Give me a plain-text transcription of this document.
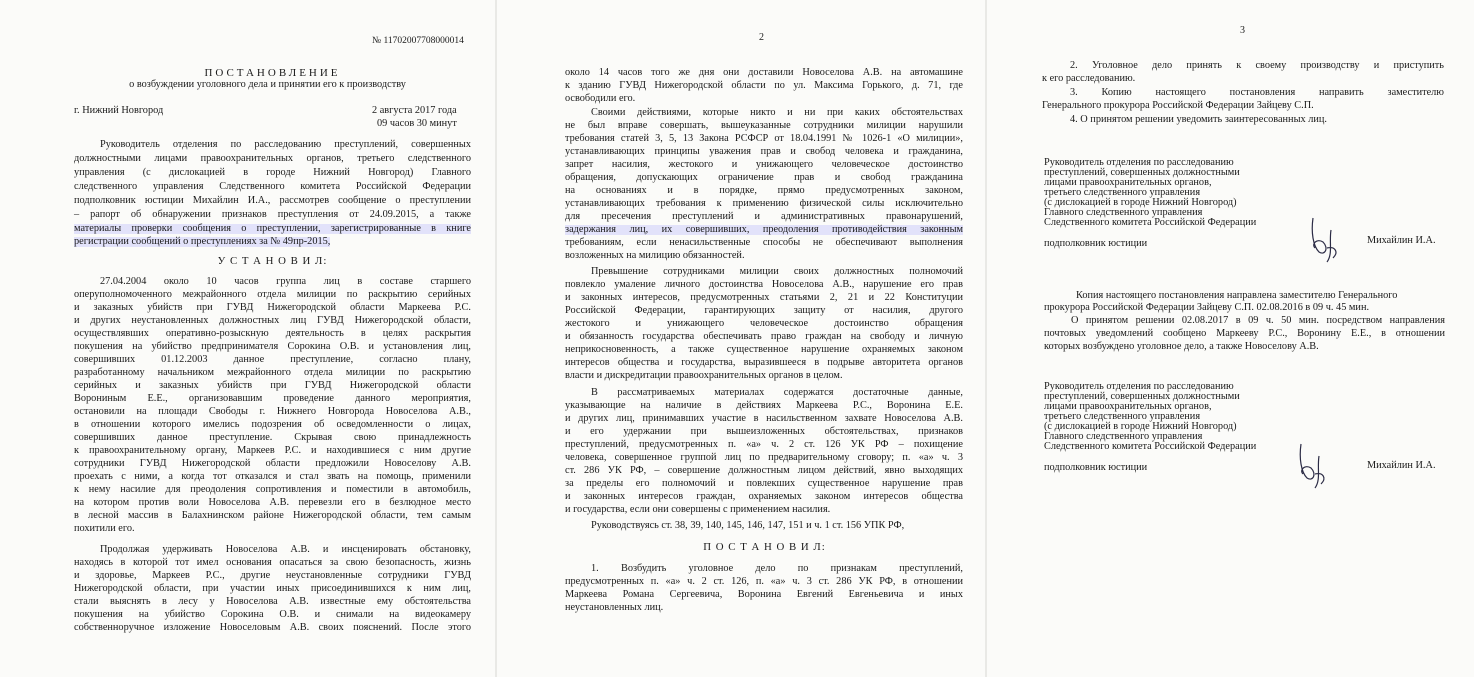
№ 11702007708000014
ПОСТАНОВЛЕНИЕ
о возбуждении уголовного дела и принятии его к производству
г. Нижний Новгород	2 августа 2017 года
09 часов 30 минут
Руководитель отделения по расследованию преступлений, совершенных
должностными лицами правоохранительных органов, третьего следственного
управления (с дислокацией в городе Нижний Новгород) Главного
следственного управления Следственного комитета Российской Федерации
подполковник юстиции Михайлин И.А., рассмотрев сообщение о преступлении
– рапорт об обнаружении признаков преступления от 24.09.2015, а также
материалы проверки сообщения о преступлении, зарегистрированные в книге
регистрации сообщений о преступлениях за № 49пр-2015,
У С Т А Н О В И Л:
27.04.2004 около 10 часов группа лиц в составе старшего
оперуполномоченного межрайонного отдела милиции по раскрытию серийных
и заказных убийств при ГУВД Нижегородской области Маркеева Р.С.
и других неустановленных должностных лиц ГУВД Нижегородской области,
осуществлявших оперативно-розыскную деятельность в целях раскрытия
покушения на убийство предпринимателя Сорокина О.В. и установления лиц,
совершивших 01.12.2003 данное преступление, согласно плану,
разработанному начальником межрайонного отдела милиции по раскрытию
серийных и заказных убийств при ГУВД Нижегородской области
Ворониным Е.Е., организовавшим проведение данного мероприятия,
остановили на площади Свободы г. Нижнего Новгорода Новоселова А.В.,
в отношении которого имелись подозрения об осведомленности о лицах,
совершивших данное преступление. Скрывая свою принадлежность
к правоохранительному органу, Маркеев Р.С. и находившиеся с ним другие
сотрудники ГУВД Нижегородской области предложили Новоселову А.В.
проехать с ними, а когда тот отказался и стал звать на помощь, применили
к нему насилие для преодоления сопротивления и поместили в автомобиль,
на котором против воли Новоселова А.В. перевезли его в безлюдное место
в лесной массив в Балахнинском районе Нижегородской области, тем самым
похитили его.
Продолжая удерживать Новоселова А.В. и инсценировать обстановку,
находясь в которой тот имел основания опасаться за свою безопасность, жизнь
и здоровье, Маркеев Р.С., другие неустановленные сотрудники ГУВД
Нижегородской области, при участии иных присоединившихся к ним лиц,
стали выяснять в лесу у Новоселова А.В. известные ему обстоятельства
покушения на убийство Сорокина О.В. и снимали на видеокамеру
собственноручное изложение Новоселовым А.В. своих пояснений. После этого
2
около 14 часов того же дня они доставили Новоселова А.В. на автомашине
к зданию ГУВД Нижегородской области по ул. Максима Горького, д. 71, где
освободили его.
Своими действиями, которые никто и ни при каких обстоятельствах
не был вправе совершать, вышеуказанные сотрудники милиции нарушили
требования статей 3, 5, 13 Закона РСФСР от 18.04.1991 № 1026-1 «О милиции»,
устанавливающих принципы уважения прав и свобод человека и гражданина,
запрет насилия, жестокого и унижающего человеческое достоинство
обращения, допускающих ограничение прав и свобод гражданина
на основаниях и в порядке, прямо предусмотренных законом,
устанавливающих требования к применению физической силы исключительно
для пресечения преступлений и административных правонарушений,
задержания лиц, их совершивших, преодоления противодействия законным
требованиям, если ненасильственные способы не обеспечивают выполнения
возложенных на милицию обязанностей.
Превышение сотрудниками милиции своих должностных полномочий
повлекло умаление личного достоинства Новоселова А.В., нарушение его прав
и законных интересов, предусмотренных статьями 2, 21 и 22 Конституции
Российской Федерации, гарантирующих защиту от насилия, другого
жестокого и унижающего человеческое достоинство обращения
и обязанность государства обеспечивать право граждан на свободу и личную
неприкосновенность, а также существенное нарушение охраняемых законом
интересов общества и государства, выразившееся в подрыве авторитета органов
власти и дискредитации правоохранительных органов в целом.
В рассматриваемых материалах содержатся достаточные данные,
указывающие на наличие в действиях Маркеева Р.С., Воронина Е.Е.
и других лиц, принимавших участие в насильственном захвате Новоселова А.В.
и его удержании при вышеизложенных обстоятельствах, признаков
преступлений, предусмотренных п. «а» ч. 2 ст. 126 УК РФ – похищение
человека, совершенное группой лиц по предварительному сговору; п. «а» ч. 3
ст. 286 УК РФ, – совершение должностным лицом действий, явно выходящих
за пределы его полномочий и повлекших существенное нарушение прав
и законных интересов граждан, охраняемых законом интересов общества
и государства, если они совершены с применением насилия.
Руководствуясь ст. 38, 39, 140, 145, 146, 147, 151 и ч. 1 ст. 156 УПК РФ,
П О С Т А Н О В И Л:
1. Возбудить уголовное дело по признакам преступлений,
предусмотренных п. «а» ч. 2 ст. 126, п. «а» ч. 3 ст. 286 УК РФ, в отношении
Маркеева Романа Сергеевича, Воронина Евгений Евгеньевича и иных
неустановленных лиц.
3
2. Уголовное дело принять к своему производству и приступить
к его расследованию.
3. Копию настоящего постановления направить заместителю
Генерального прокурора Российской Федерации Зайцеву С.П.
4. О принятом решении уведомить заинтересованных лиц.
Руководитель отделения по расследованию
преступлений, совершенных должностными
лицами правоохранительных органов,
третьего следственного управления
(с дислокацией в городе Нижний Новгород)
Главного следственного управления
Следственного комитета Российской Федерации
подполковник юстиции	Михайлин И.А.
Копия настоящего постановления направлена заместителю Генерального
прокурора Российской Федерации Зайцеву С.П. 02.08.2016 в 09 ч. 45 мин.
О принятом решении 02.08.2017 в 09 ч. 50 мин. посредством направления
почтовых уведомлений сообщено Маркееву Р.С., Воронину Е.Е., в отношении
которых возбуждено уголовное дело, а также Новоселову А.В.
Руководитель отделения по расследованию
преступлений, совершенных должностными
лицами правоохранительных органов,
третьего следственного управления
(с дислокацией в городе Нижний Новгород)
Главного следственного управления
Следственного комитета Российской Федерации
подполковник юстиции	Михайлин И.А.
